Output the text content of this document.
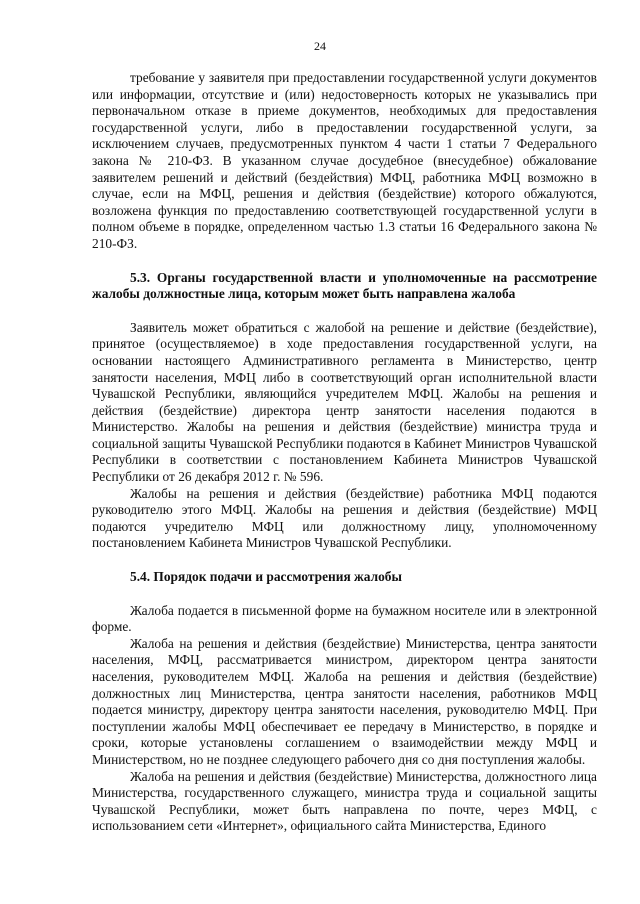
24

требование у заявителя при предоставлении государственной услуги документов или информации, отсутствие и (или) недостоверность которых не указывались при первоначальном отказе в приеме документов, необходимых для предоставления государственной услуги, либо в предоставлении государственной услуги, за исключением случаев, предусмотренных пунктом 4 части 1 статьи 7 Федерального закона № 210-ФЗ. В указанном случае досудебное (внесудебное) обжалование заявителем решений и действий (бездействия) МФЦ, работника МФЦ возможно в случае, если на МФЦ, решения и действия (бездействие) которого обжалуются, возложена функция по предоставлению соответствующей государственной услуги в полном объеме в порядке, определенном частью 1.3 статьи 16 Федерального закона № 210-ФЗ.

5.3. Органы государственной власти и уполномоченные на рассмотрение жалобы должностные лица, которым может быть направлена жалоба

Заявитель может обратиться с жалобой на решение и действие (бездействие), принятое (осуществляемое) в ходе предоставления государственной услуги, на основании настоящего Административного регламента в Министерство, центр занятости населения, МФЦ либо в соответствующий орган исполнительной власти Чувашской Республики, являющийся учредителем МФЦ. Жалобы на решения и действия (бездействие) директора центр занятости населения подаются в Министерство. Жалобы на решения и действия (бездействие) министра труда и социальной защиты Чувашской Республики подаются в Кабинет Министров Чувашской Республики в соответствии с постановлением Кабинета Министров Чувашской Республики от 26 декабря 2012 г. № 596.

Жалобы на решения и действия (бездействие) работника МФЦ подаются руководителю этого МФЦ. Жалобы на решения и действия (бездействие) МФЦ подаются учредителю МФЦ или должностному лицу, уполномоченному постановлением Кабинета Министров Чувашской Республики.

5.4. Порядок подачи и рассмотрения жалобы

Жалоба подается в письменной форме на бумажном носителе или в электронной форме.

Жалоба на решения и действия (бездействие) Министерства, центра занятости населения, МФЦ, рассматривается министром, директором центра занятости населения, руководителем МФЦ. Жалоба на решения и действия (бездействие) должностных лиц Министерства, центра занятости населения, работников МФЦ подается министру, директору центра занятости населения, руководителю МФЦ. При поступлении жалобы МФЦ обеспечивает ее передачу в Министерство, в порядке и сроки, которые установлены соглашением о взаимодействии между МФЦ и Министерством, но не позднее следующего рабочего дня со дня поступления жалобы.

Жалоба на решения и действия (бездействие) Министерства, должностного лица Министерства, государственного служащего, министра труда и социальной защиты Чувашской Республики, может быть направлена по почте, через МФЦ, с использованием сети «Интернет», официального сайта Министерства, Единого
